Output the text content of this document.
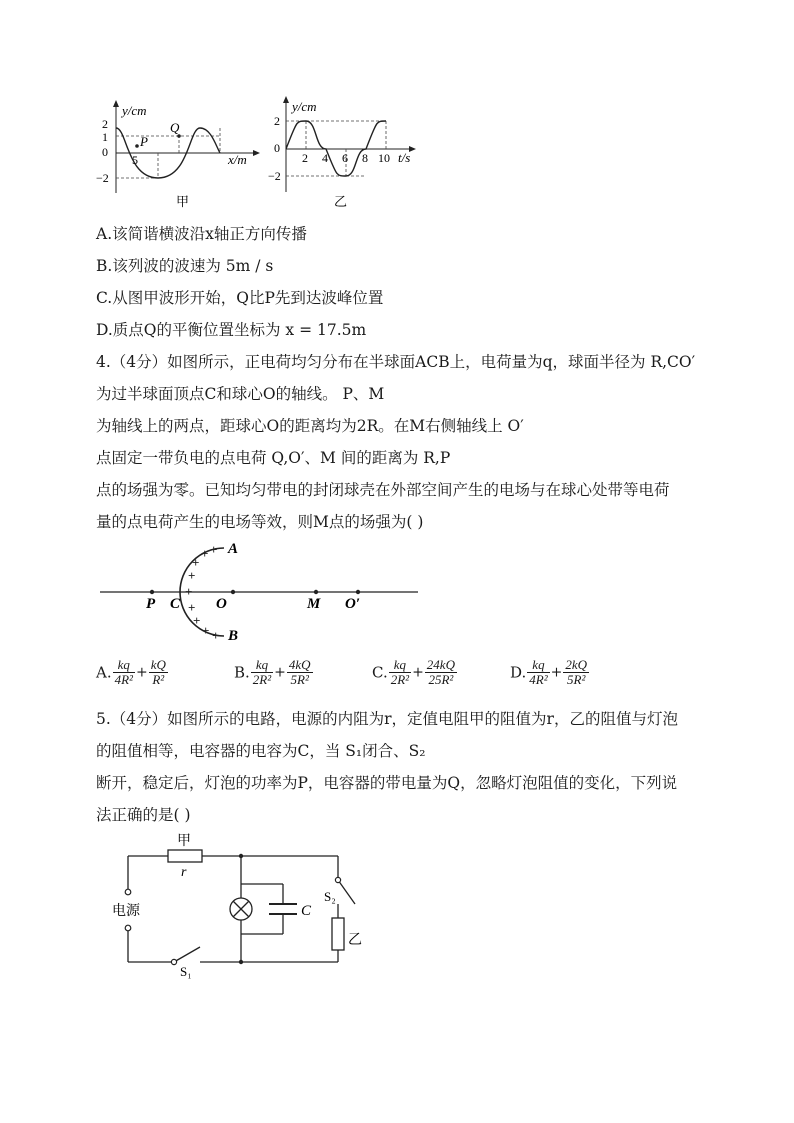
y/cm
2
1
0
−2
5
P
Q
x/m
甲
y/cm
2
0
−2
2 4 6 8 10 t/s
乙
A.该简谐横波沿x轴正方向传播
B.该列波的波速为 5m / s
C.从图甲波形开始，Q比P先到达波峰位置
D.质点Q的平衡位置坐标为 x = 17.5m
4.（4分）如图所示，正电荷均匀分布在半球面ACB上，电荷量为q，球面半径为 R,CO′
为过半球面顶点C和球心O的轴线。 P、M
为轴线上的两点，距球心O的距离均为2R。在M右侧轴线上 O′
点固定一带负电的点电荷 Q,O′、M 间的距离为 R,P
点的场强为零。已知均匀带电的封闭球壳在外部空间产生的电场与在球心处带等电荷
量的点电荷产生的电场等效，则M点的场强为( )
+ +
+
+
+
+
+
+ +
A
B
P C O	M O′
A. $\frac{kq}{\text{4R²}} + \frac{kQ}{\text{R²}}$	B. $\frac{kq}{\text{2R²}} + \frac{4kQ}{\text{5R²}}$	C. $\frac{kq}{\text{2R²}} + \frac{24kQ}{\text{25R²}}$	D. $\frac{kq}{\text{4R²}} + \frac{2kQ}{\text{5R²}}$
5.（4分）如图所示的电路，电源的内阻为r，定值电阻甲的阻值为r，乙的阻值与灯泡
的阻值相等，电容器的电容为C，当 S₁闭合、S₂
断开，稳定后，灯泡的功率为P，电容器的带电量为Q，忽略灯泡阻值的变化，下列说
法正确的是( )
甲
r
电源	C
S₂
乙
S₁
